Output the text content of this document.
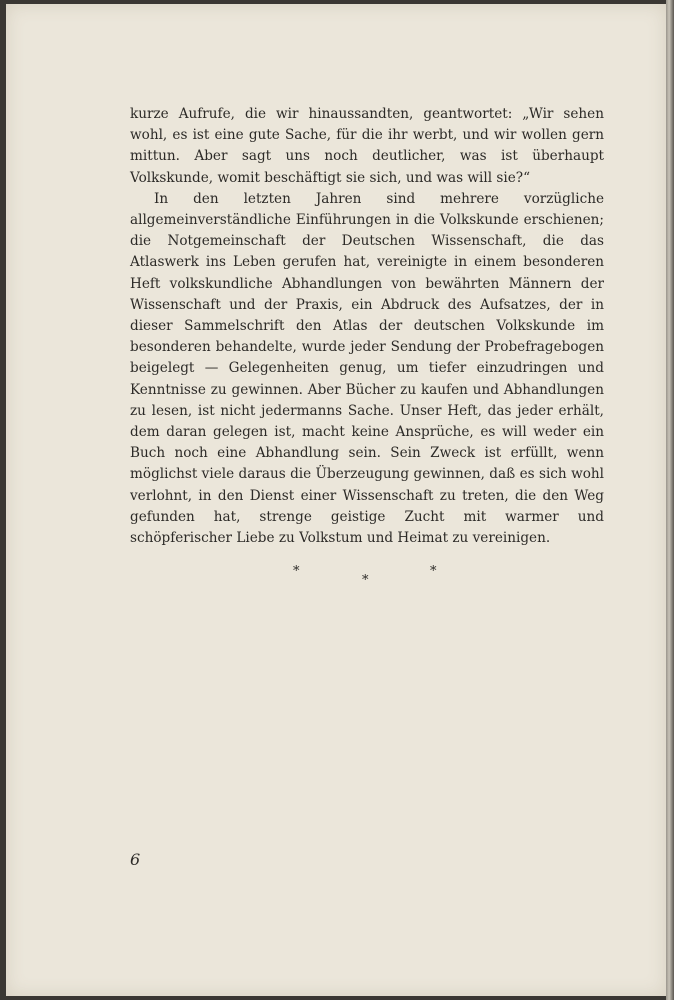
kurze Aufrufe, die wir hinaussandten, geantwortet: „Wir sehen wohl, es ist eine gute Sache, für die ihr werbt, und wir wollen gern mittun. Aber sagt uns noch deutlicher, was ist überhaupt Volkskunde, womit beschäftigt sie sich, und was will sie?“

In den letzten Jahren sind mehrere vorzügliche allgemeinverständliche Einführungen in die Volkskunde erschienen; die Notgemeinschaft der Deutschen Wissenschaft, die das Atlaswerk ins Leben gerufen hat, vereinigte in einem besonderen Heft volkskundliche Abhandlungen von bewährten Männern der Wissenschaft und der Praxis, ein Abdruck des Aufsatzes, der in dieser Sammelschrift den Atlas der deutschen Volkskunde im besonderen behandelte, wurde jeder Sendung der Probefragebogen beigelegt — Gelegenheiten genug, um tiefer einzudringen und Kenntnisse zu gewinnen. Aber Bücher zu kaufen und Abhandlungen zu lesen, ist nicht jedermanns Sache. Unser Heft, das jeder erhält, dem daran gelegen ist, macht keine Ansprüche, es will weder ein Buch noch eine Abhandlung sein. Sein Zweck ist erfüllt, wenn möglichst viele daraus die Überzeugung gewinnen, daß es sich wohl verlohnt, in den Dienst einer Wissenschaft zu treten, die den Weg gefunden hat, strenge geistige Zucht mit warmer und schöpferischer Liebe zu Volkstum und Heimat zu vereinigen.

*
*
*
6
